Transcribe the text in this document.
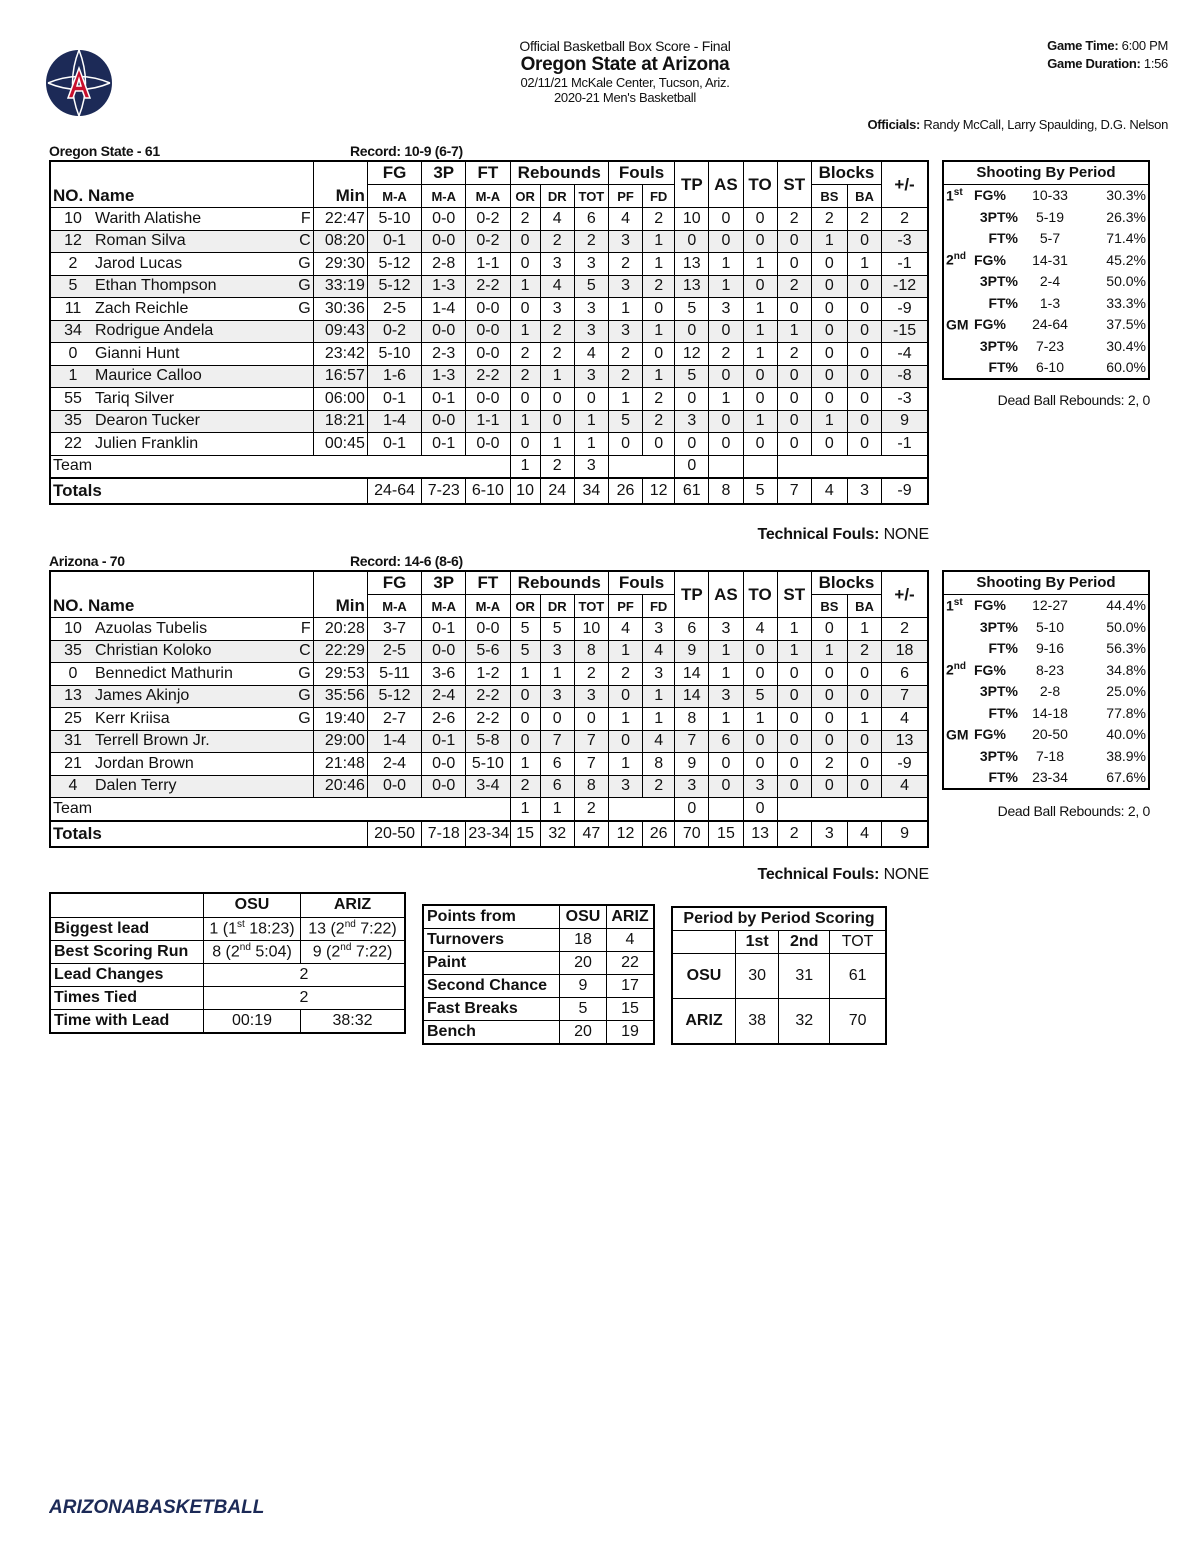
Official Basketball Box Score - Final
Oregon State at Arizona
02/11/21 McKale Center, Tucson, Ariz.
2020-21 Men's Basketball
Game Time: 6:00 PM
Game Duration: 1:56
Officials: Randy McCall, Larry Spaulding, D.G. Nelson
Oregon State - 61	Record: 10-9 (6-7)
		FG	3P	FT	Rebounds			Fouls		TP	AS	TO	ST	Blocks		+/-
NO. Name	Min	M-A	M-A	M-A	OR	DR	TOT	PF	FD					BS	BA	
10 Warith Alatishe F	22:47	5-10	0-0	0-2	2	4	6	4	2	10	0	0	2	2	2	2
12 Roman Silva C	08:20	0-1	0-0	0-2	0	2	2	3	1	0	0	0	0	1	0	-3
2 Jarod Lucas G	29:30	5-12	2-8	1-1	0	3	3	2	1	13	1	1	0	0	1	-1
5 Ethan Thompson G	33:19	5-12	1-3	2-2	1	4	5	3	2	13	1	0	2	0	0	-12
11 Zach Reichle G	30:36	2-5	1-4	0-0	0	3	3	1	0	5	3	1	0	0	0	-9
34 Rodrigue Andela	09:43	0-2	0-0	0-0	1	2	3	3	1	0	0	1	1	0	0	-15
0 Gianni Hunt	23:42	5-10	2-3	0-0	2	2	4	2	0	12	2	1	2	0	0	-4
1 Maurice Calloo	16:57	1-6	1-3	2-2	2	1	3	2	1	5	0	0	0	0	0	-8
55 Tariq Silver	06:00	0-1	0-1	0-0	0	0	0	1	2	0	1	0	0	0	0	-3
35 Dearon Tucker	18:21	1-4	0-0	1-1	1	0	1	5	2	3	0	1	0	1	0	9
22 Julien Franklin	00:45	0-1	0-1	0-0	0	1	1	0	0	0	0	0	0	0	0	-1
Team					1	2	3			0						
Totals		24-64	7-23	6-10	10	24	34	26	12	61	8	5	7	4	3	-9
Technical Fouls: NONE
Shooting By Period			
1st	FG%	10-33	30.3%
	3PT%	5-19	26.3%
	FT%	5-7	71.4%
2nd	FG%	14-31	45.2%
	3PT%	2-4	50.0%
	FT%	1-3	33.3%
GM	FG%	24-64	37.5%
	3PT%	7-23	30.4%
	FT%	6-10	60.0%
Dead Ball Rebounds: 2, 0
Arizona - 70	Record: 14-6 (8-6)
		FG	3P	FT	Rebounds			Fouls		TP	AS	TO	ST	Blocks		+/-
NO. Name	Min	M-A	M-A	M-A	OR	DR	TOT	PF	FD					BS	BA	
10 Azuolas Tubelis F	20:28	3-7	0-1	0-0	5	5	10	4	3	6	3	4	1	0	1	2
35 Christian Koloko C	22:29	2-5	0-0	5-6	5	3	8	1	4	9	1	0	1	1	2	18
0 Bennedict Mathurin G	29:53	5-11	3-6	1-2	1	1	2	2	3	14	1	0	0	0	0	6
13 James Akinjo G	35:56	5-12	2-4	2-2	0	3	3	0	1	14	3	5	0	0	0	7
25 Kerr Kriisa G	19:40	2-7	2-6	2-2	0	0	0	1	1	8	1	1	0	0	1	4
31 Terrell Brown Jr.	29:00	1-4	0-1	5-8	0	7	7	0	4	7	6	0	0	0	0	13
21 Jordan Brown	21:48	2-4	0-0	5-10	1	6	7	1	8	9	0	0	0	2	0	-9
4 Dalen Terry	20:46	0-0	0-0	3-4	2	6	8	3	2	3	0	3	0	0	0	4
Team					1	1	2			0		0				
Totals		20-50	7-18	23-34	15	32	47	12	26	70	15	13	2	3	4	9
Technical Fouls: NONE
Shooting By Period			
1st	FG%	12-27	44.4%
	3PT%	5-10	50.0%
	FT%	9-16	56.3%
2nd	FG%	8-23	34.8%
	3PT%	2-8	25.0%
	FT%	14-18	77.8%
GM	FG%	20-50	40.0%
	3PT%	7-18	38.9%
	FT%	23-34	67.6%
Dead Ball Rebounds: 2, 0
	OSU	ARIZ
Biggest lead	1 (1st 18:23)	13 (2nd 7:22)
Best Scoring Run	8 (2nd 5:04)	9 (2nd 7:22)
Lead Changes	2	
Times Tied	2	
Time with Lead	00:19	38:32
Points from	OSU	ARIZ
Turnovers	18	4
Paint	20	22
Second Chance	9	17
Fast Breaks	5	15
Bench	20	19
Period by Period Scoring			
	1st	2nd	TOT
OSU	30	31	61
ARIZ	38	32	70
ARIZONABASKETBALL
